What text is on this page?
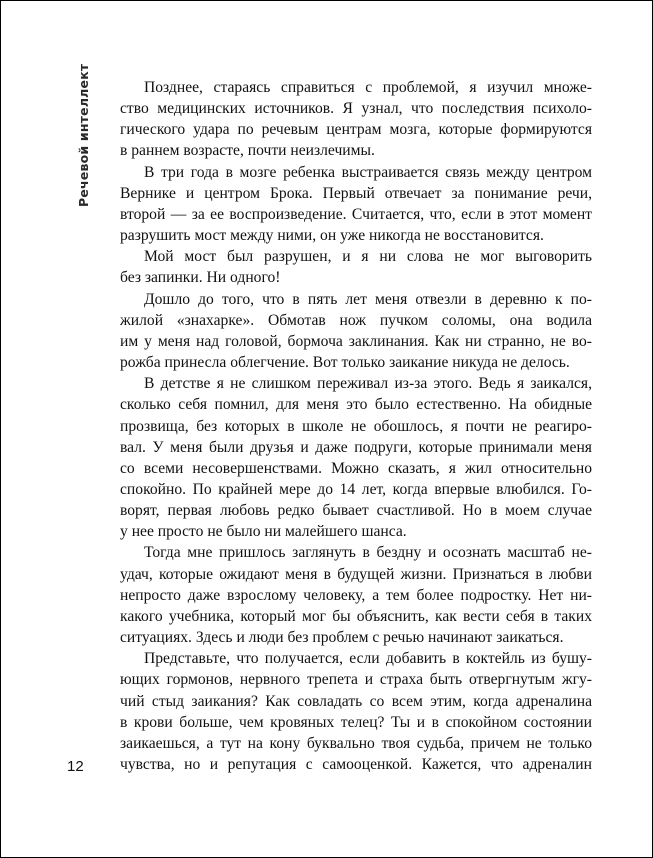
Речевой интеллект	Позднее, стараясь справиться с проблемой, я изучил множе-
ство медицинских источников. Я узнал, что последствия психоло-
гического удара по речевым центрам мозга, которые формируются
в раннем возрасте, почти неизлечимы.
В три года в мозге ребенка выстраивается связь между центром
Вернике и центром Брока. Первый отвечает за понимание речи,
второй — за ее воспроизведение. Считается, что, если в этот момент
разрушить мост между ними, он уже никогда не восстановится.
Мой мост был разрушен, и я ни слова не мог выговорить
без запинки. Ни одного!
Дошло до того, что в пять лет меня отвезли в деревню к по-
жилой «знахарке». Обмотав нож пучком соломы, она водила
им у меня над головой, бормоча заклинания. Как ни странно, не во-
рожба принесла облегчение. Вот только заикание никуда не делось.
В детстве я не слишком переживал из-за этого. Ведь я заикался,
сколько себя помнил, для меня это было естественно. На обидные
прозвища, без которых в школе не обошлось, я почти не реагиро-
вал. У меня были друзья и даже подруги, которые принимали меня
со всеми несовершенствами. Можно сказать, я жил относительно
спокойно. По крайней мере до 14 лет, когда впервые влюбился. Го-
ворят, первая любовь редко бывает счастливой. Но в моем случае
у нее просто не было ни малейшего шанса.
Тогда мне пришлось заглянуть в бездну и осознать масштаб не-
удач, которые ожидают меня в будущей жизни. Признаться в любви
непросто даже взрослому человеку, а тем более подростку. Нет ни-
какого учебника, который мог бы объяснить, как вести себя в таких
ситуациях. Здесь и люди без проблем с речью начинают заикаться.
Представьте, что получается, если добавить в коктейль из бушу-
ющих гормонов, нервного трепета и страха быть отвергнутым жгу-
чий стыд заикания? Как совладать со всем этим, когда адреналина
в крови больше, чем кровяных телец? Ты и в спокойном состоянии
заикаешься, а тут на кону буквально твоя судьба, причем не только
чувства, но и репутация с самооценкой. Кажется, что адреналин
12
